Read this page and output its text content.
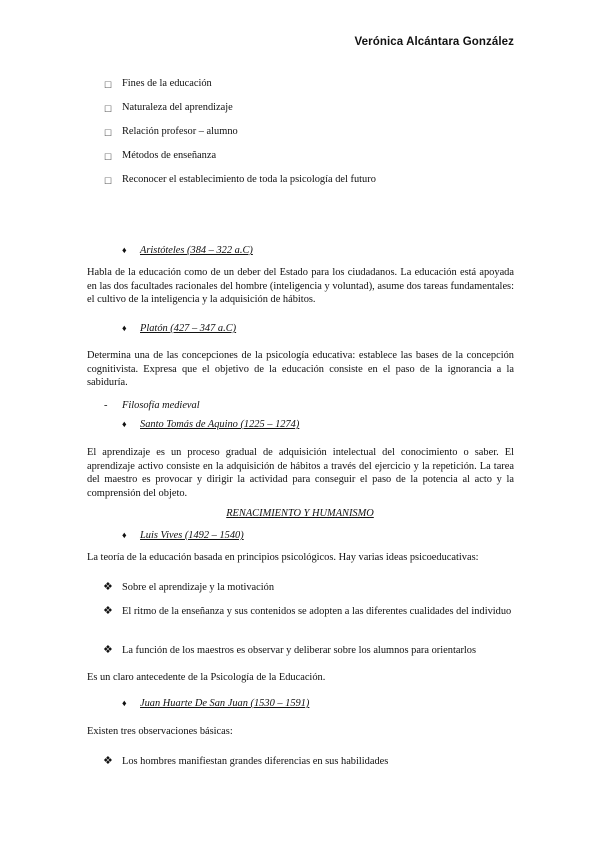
Verónica Alcántara González
☐ Fines de la educación
☐ Naturaleza del aprendizaje
☐ Relación profesor – alumno
☐ Métodos de enseñanza
☐ Reconocer el establecimiento de toda la psicología del futuro
♦ Aristóteles (384 – 322 a.C)
Habla de la educación como de un deber del Estado para los ciudadanos. La educación está apoyada en las dos facultades racionales del hombre (inteligencia y voluntad), asume dos tareas fundamentales: el cultivo de la inteligencia y la adquisición de hábitos.
♦ Platón (427 – 347 a.C)
Determina una de las concepciones de la psicología educativa: establece las bases de la concepción cognitivista. Expresa que el objetivo de la educación consiste en el paso de la ignorancia a la sabiduría.
- Filosofía medieval
♦ Santo Tomás de Aquino (1225 – 1274)
El aprendizaje es un proceso gradual de adquisición intelectual del conocimiento o saber. El aprendizaje activo consiste en la adquisición de hábitos a través del ejercicio y la repetición. La tarea del maestro es provocar y dirigir la actividad para conseguir el paso de la potencia al acto y la comprensión del objeto.
RENACIMIENTO Y HUMANISMO
♦ Luis Vives (1492 – 1540)
La teoría de la educación basada en principios psicológicos. Hay varias ideas psicoeducativas:
❖ Sobre el aprendizaje y la motivación
❖ El ritmo de la enseñanza y sus contenidos se adopten a las diferentes cualidades del individuo
❖ La función de los maestros es observar y deliberar sobre los alumnos para orientarlos
Es un claro antecedente de la Psicología de la Educación.
♦ Juan Huarte De San Juan (1530 – 1591)
Existen tres observaciones básicas:
❖ Los hombres manifiestan grandes diferencias en sus habilidades
